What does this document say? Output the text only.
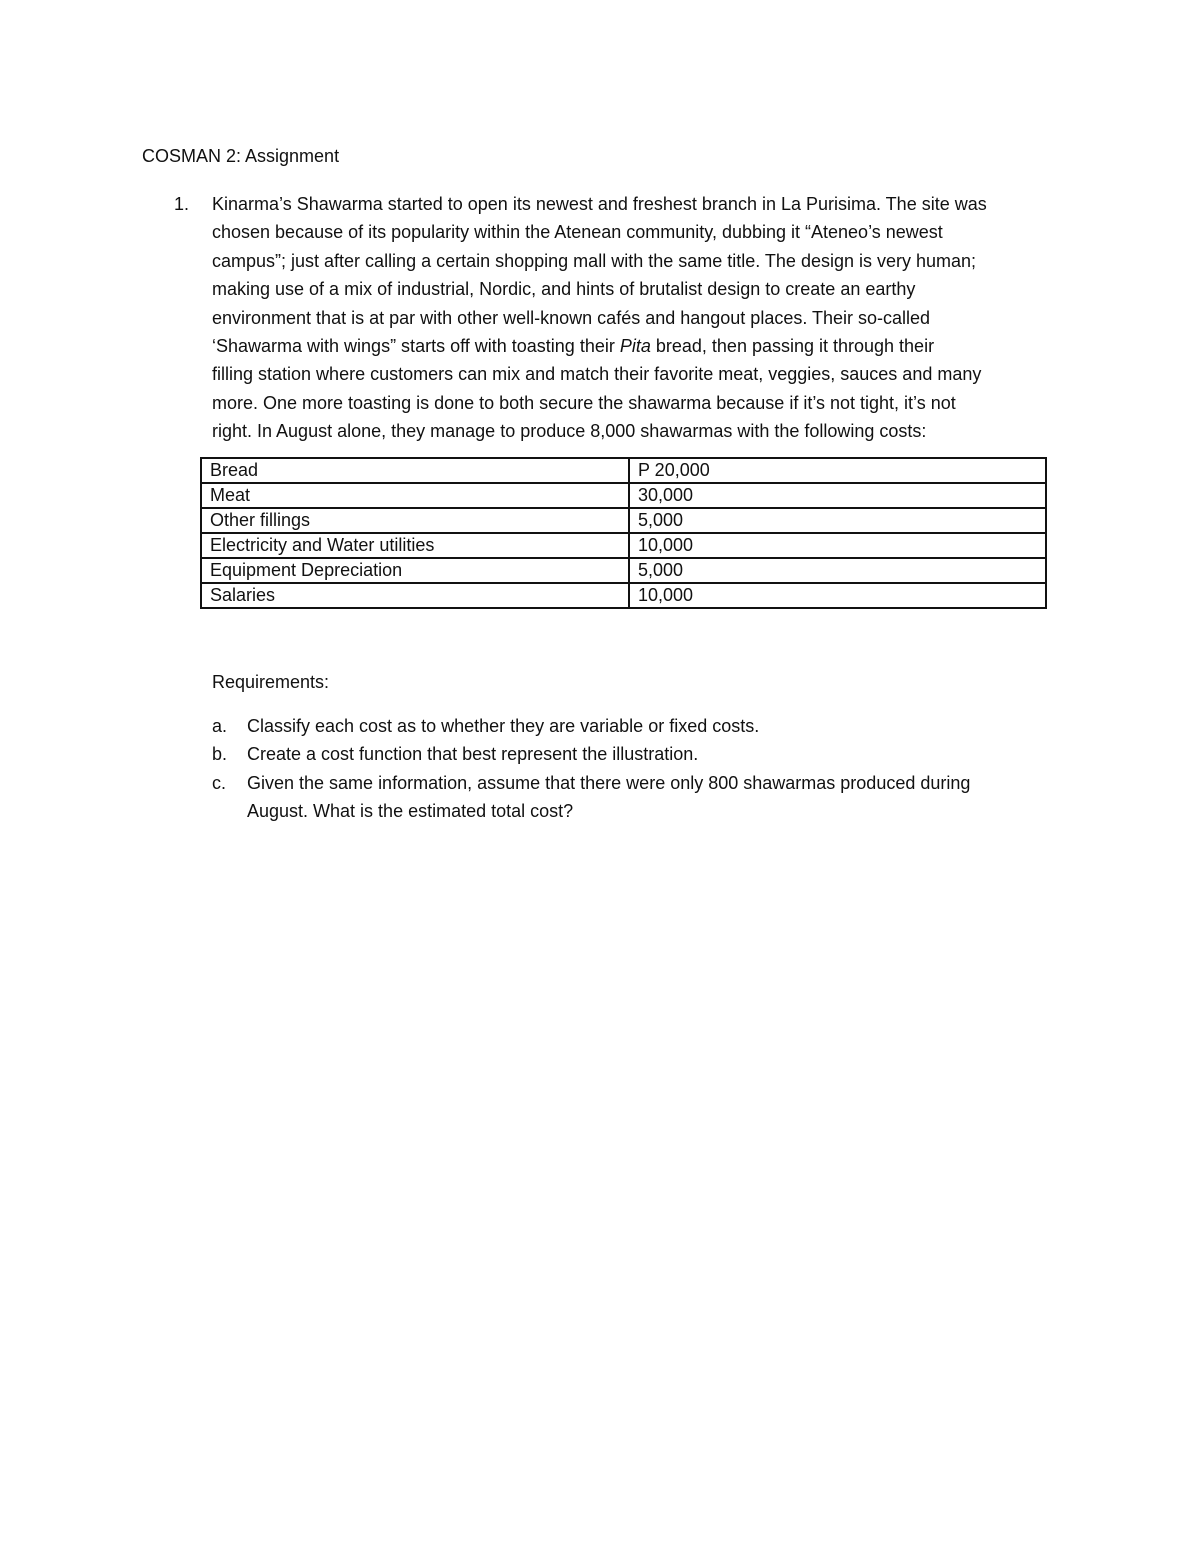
COSMAN 2: Assignment
1. Kinarma’s Shawarma started to open its newest and freshest branch in La Purisima. The site was
chosen because of its popularity within the Atenean community, dubbing it “Ateneo’s newest
campus”; just after calling a certain shopping mall with the same title. The design is very human;
making use of a mix of industrial, Nordic, and hints of brutalist design to create an earthy
environment that is at par with other well-known cafés and hangout places. Their so-called
‘Shawarma with wings” starts off with toasting their Pita bread, then passing it through their
filling station where customers can mix and match their favorite meat, veggies, sauces and many
more. One more toasting is done to both secure the shawarma because if it’s not tight, it’s not
right. In August alone, they manage to produce 8,000 shawarmas with the following costs:
Bread	P 20,000
Meat	30,000
Other fillings	5,000
Electricity and Water utilities	10,000
Equipment Depreciation	5,000
Salaries	10,000
Requirements:
a. Classify each cost as to whether they are variable or fixed costs.
b. Create a cost function that best represent the illustration.
c. Given the same information, assume that there were only 800 shawarmas produced during
August. What is the estimated total cost?
